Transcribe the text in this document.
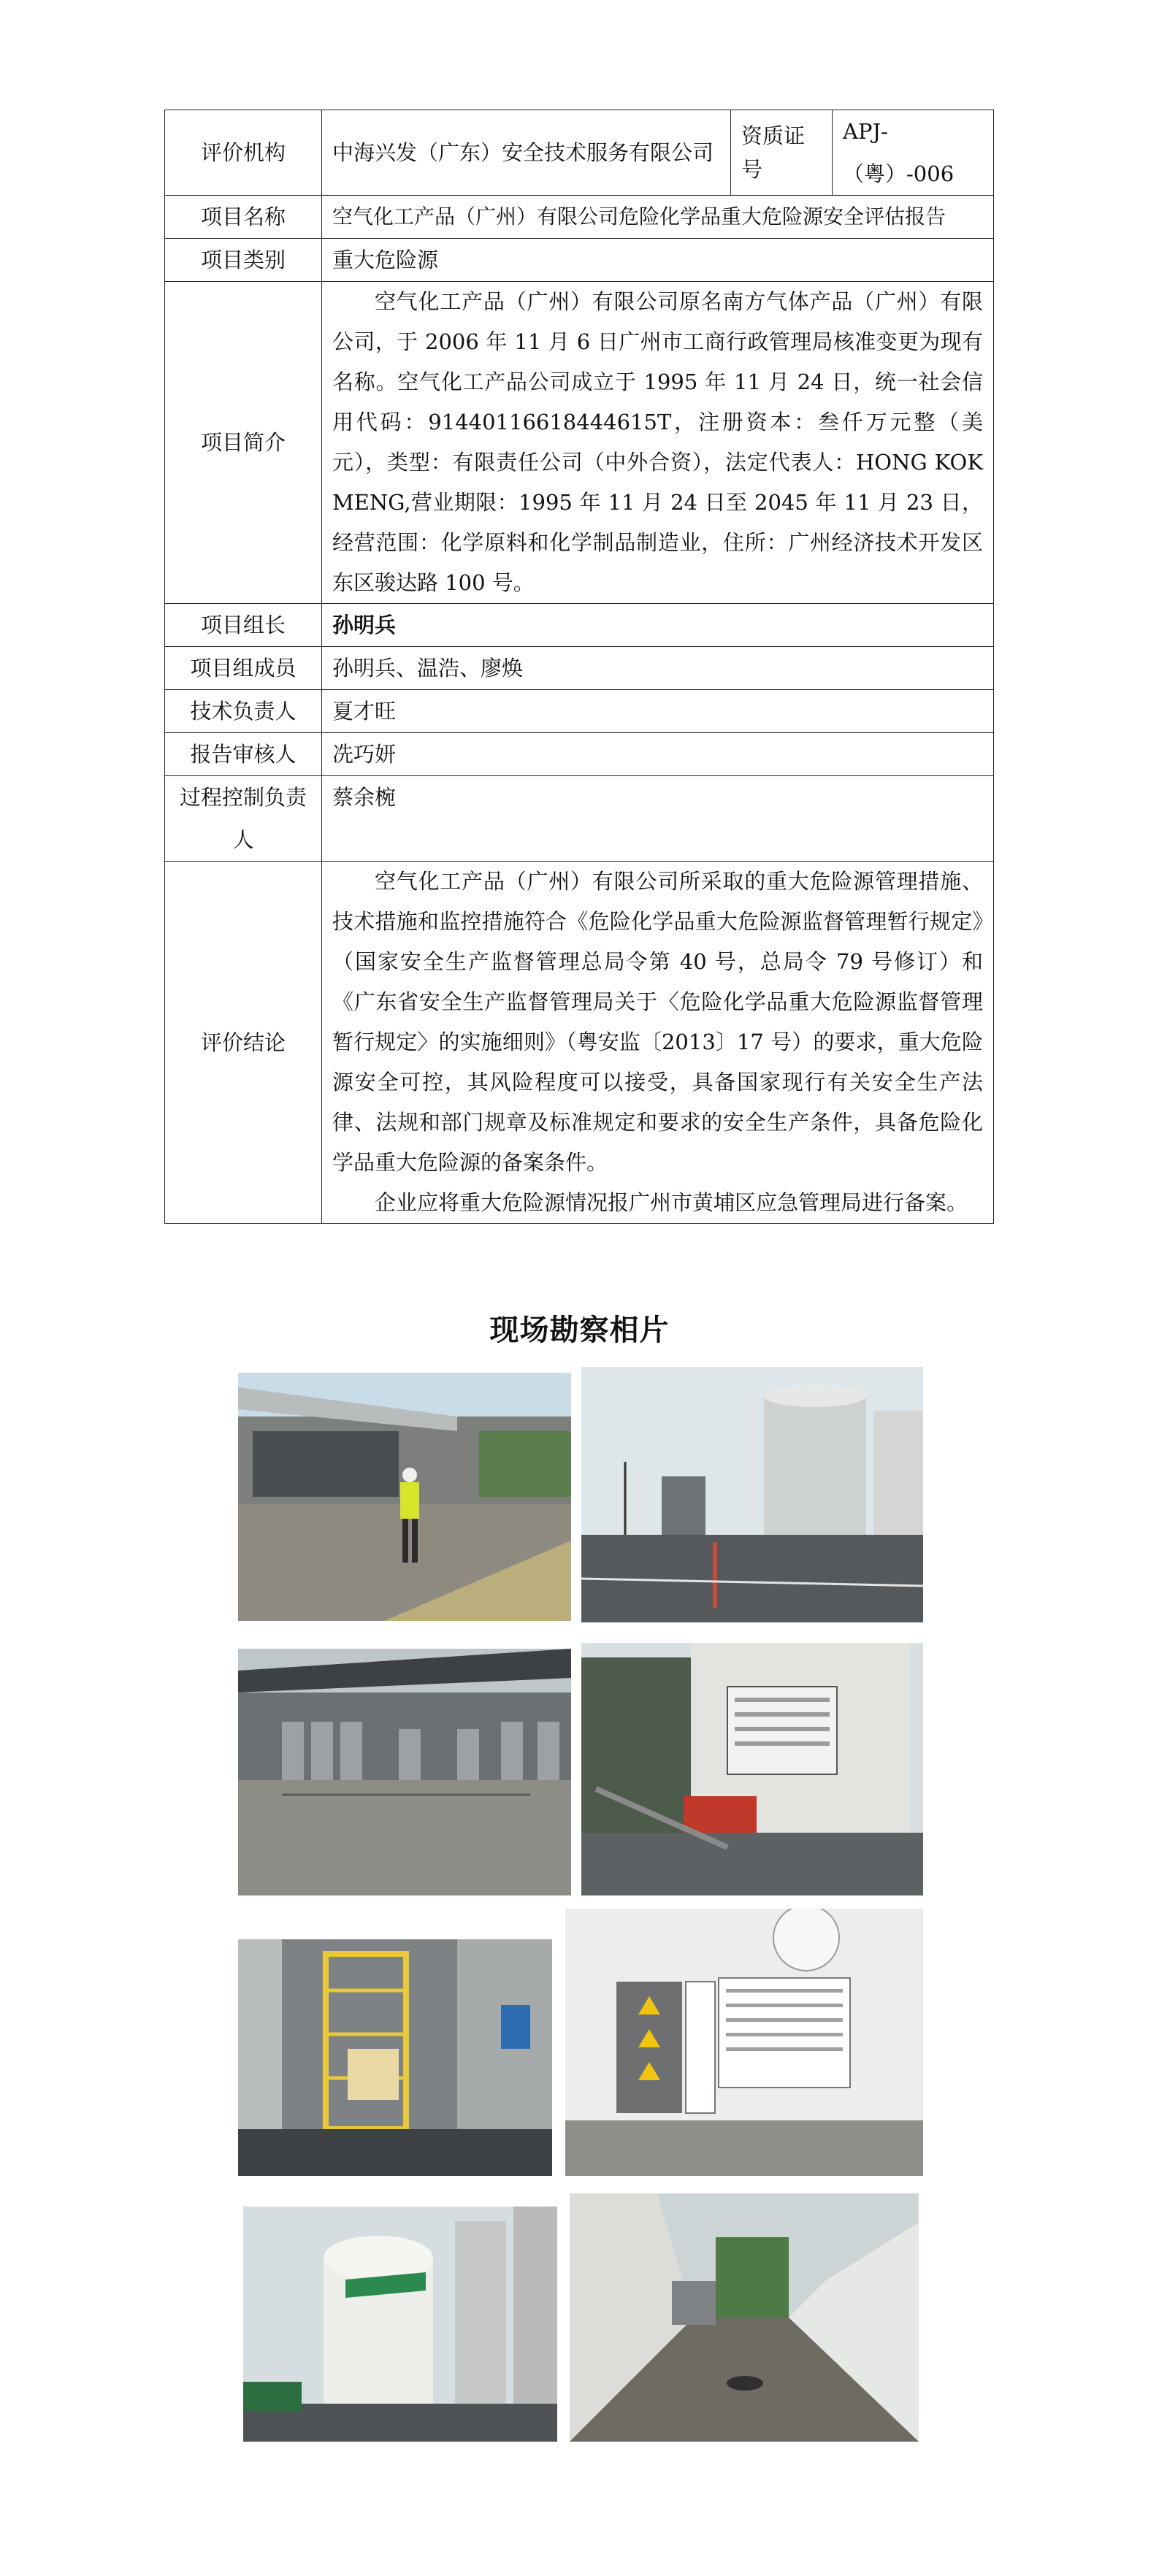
评价机构	中海兴发（广东）安全技术服务有限公司	资质证号	APJ-（粤）-006
项目名称	空气化工产品（广州）有限公司危险化学品重大危险源安全评估报告		
项目类别	重大危险源		
项目简介	空气化工产品（广州）有限公司原名南方气体产品（广州）有限公司，于 2006 年 11 月 6 日广州市工商行政管理局核准变更为现有名称。空气化工产品公司成立于 1995 年 11 月 24 日，统一社会信用代码：91440116618444615T，注册资本：叁仟万元整（美元），类型：有限责任公司（中外合资），法定代表人：HONG KOK MENG,营业期限：1995 年 11 月 24 日至 2045 年 11 月 23 日，经营范围：化学原料和化学制品制造业，住所：广州经济技术开发区东区骏达路 100 号。		

项目组长	孙明兵		
项目组成员	孙明兵、温浩、廖焕		
技术负责人	夏才旺		
报告审核人	冼巧妍		
过程控制负责人	蔡余椀		
评价结论	空气化工产品（广州）有限公司所采取的重大危险源管理措施、技术措施和监控措施符合《危险化学品重大危险源监督管理暂行规定》（国家安全生产监督管理总局令第 40 号，总局令 79 号修订）和《广东省安全生产监督管理局关于〈危险化学品重大危险源监督管理暂行规定〉的实施细则》（粤安监〔2013〕17 号）的要求，重大危险源安全可控，其风险程度可以接受，具备国家现行有关安全生产法律、法规和部门规章及标准规定和要求的安全生产条件，具备危险化学品重大危险源的备案条件。
企业应将重大危险源情况报广州市黄埔区应急管理局进行备案。		
现场勘察相片
